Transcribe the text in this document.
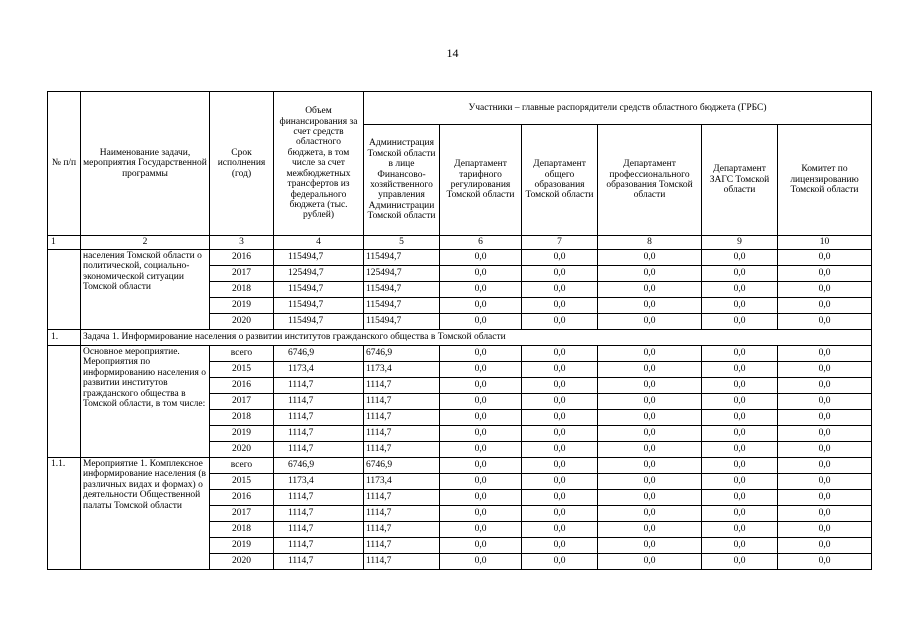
14
№ п/п	Наименование задачи, мероприятия Государственной программы	Срок исполнения (год)	Объем финансирования за счет средств областного бюджета, в том числе за счет межбюджетных трансфертов из федерального бюджета (тыс. рублей)	Участники – главные распорядители средств областного бюджета (ГРБС)					
				Администрация Томской области в лице Финансово-хозяйственного управления Администрации Томской области	Департамент тарифного регулирования Томской области	Департамент общего образования Томской области	Департамент профессионального образования Томской области	Департамент ЗАГС Томской области	Комитет по лицензированию Томской области
1	2	3	4	5	6	7	8	9	10
	населения Томской области о политической, социально-экономической ситуации Томской области	2016	115494,7	115494,7	0,0	0,0	0,0	0,0	0,0
		2017	125494,7	125494,7	0,0	0,0	0,0	0,0	0,0
		2018	115494,7	115494,7	0,0	0,0	0,0	0,0	0,0
		2019	115494,7	115494,7	0,0	0,0	0,0	0,0	0,0
		2020	115494,7	115494,7	0,0	0,0	0,0	0,0	0,0
1.	Задача 1. Информирование населения о развитии институтов гражданского общества в Томской области								
	Основное мероприятие. Мероприятия по информированию населения о развитии институтов гражданского общества в Томской области, в том числе:	всего	6746,9	6746,9	0,0	0,0	0,0	0,0	0,0
		2015	1173,4	1173,4	0,0	0,0	0,0	0,0	0,0
		2016	1114,7	1114,7	0,0	0,0	0,0	0,0	0,0
		2017	1114,7	1114,7	0,0	0,0	0,0	0,0	0,0
		2018	1114,7	1114,7	0,0	0,0	0,0	0,0	0,0
		2019	1114,7	1114,7	0,0	0,0	0,0	0,0	0,0
		2020	1114,7	1114,7	0,0	0,0	0,0	0,0	0,0
1.1.	Мероприятие 1. Комплексное информирование населения (в различных видах и формах) о деятельности Общественной палаты Томской области	всего	6746,9	6746,9	0,0	0,0	0,0	0,0	0,0
		2015	1173,4	1173,4	0,0	0,0	0,0	0,0	0,0
		2016	1114,7	1114,7	0,0	0,0	0,0	0,0	0,0
		2017	1114,7	1114,7	0,0	0,0	0,0	0,0	0,0
		2018	1114,7	1114,7	0,0	0,0	0,0	0,0	0,0
		2019	1114,7	1114,7	0,0	0,0	0,0	0,0	0,0
		2020	1114,7	1114,7	0,0	0,0	0,0	0,0	0,0
